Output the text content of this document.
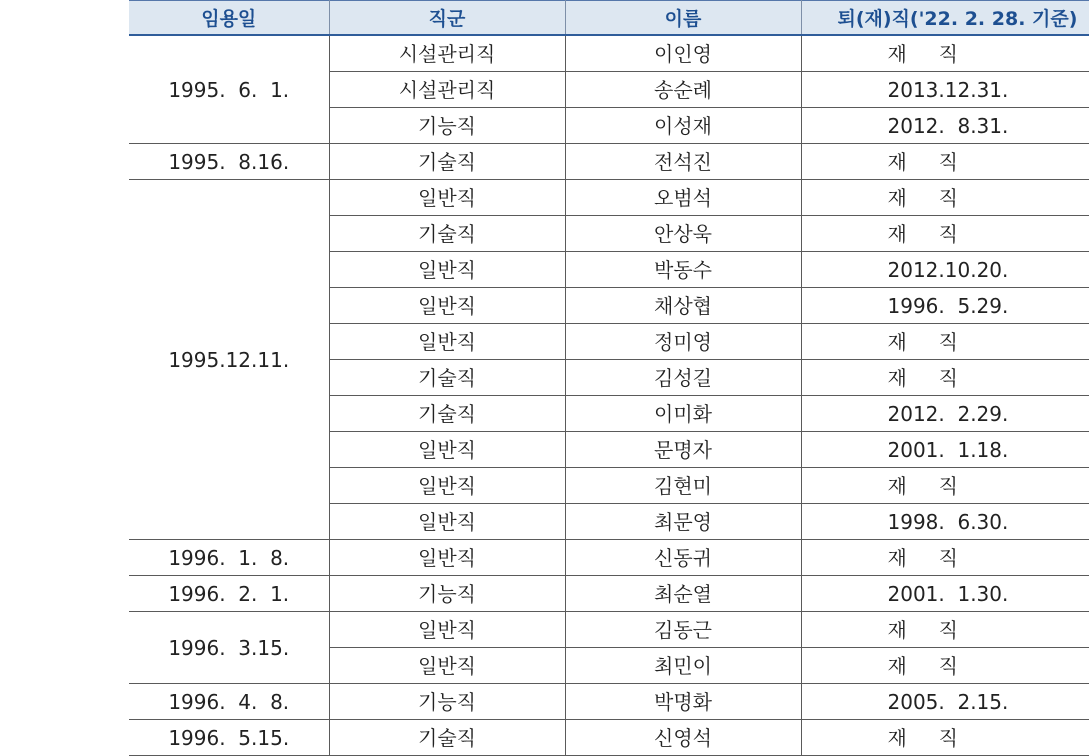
임용일	직군	이름	퇴(재)직('22. 2. 28. 기준)
1995.  6.  1.	시설관리직	이인영	재     직
	시설관리직	송순례	2013.12.31.
	기능직	이성재	2012.  8.31.
1995.  8.16.	기술직	전석진	재     직
1995.12.11.	일반직	오범석	재     직
	기술직	안상욱	재     직
	일반직	박동수	2012.10.20.
	일반직	채상협	1996.  5.29.
	일반직	정미영	재     직
	기술직	김성길	재     직
	기술직	이미화	2012.  2.29.
	일반직	문명자	2001.  1.18.
	일반직	김현미	재     직
	일반직	최문영	1998.  6.30.
1996.  1.  8.	일반직	신동귀	재     직
1996.  2.  1.	기능직	최순열	2001.  1.30.
1996.  3.15.	일반직	김동근	재     직
	일반직	최민이	재     직
1996.  4.  8.	기능직	박명화	2005.  2.15.
1996.  5.15.	기술직	신영석	재     직
